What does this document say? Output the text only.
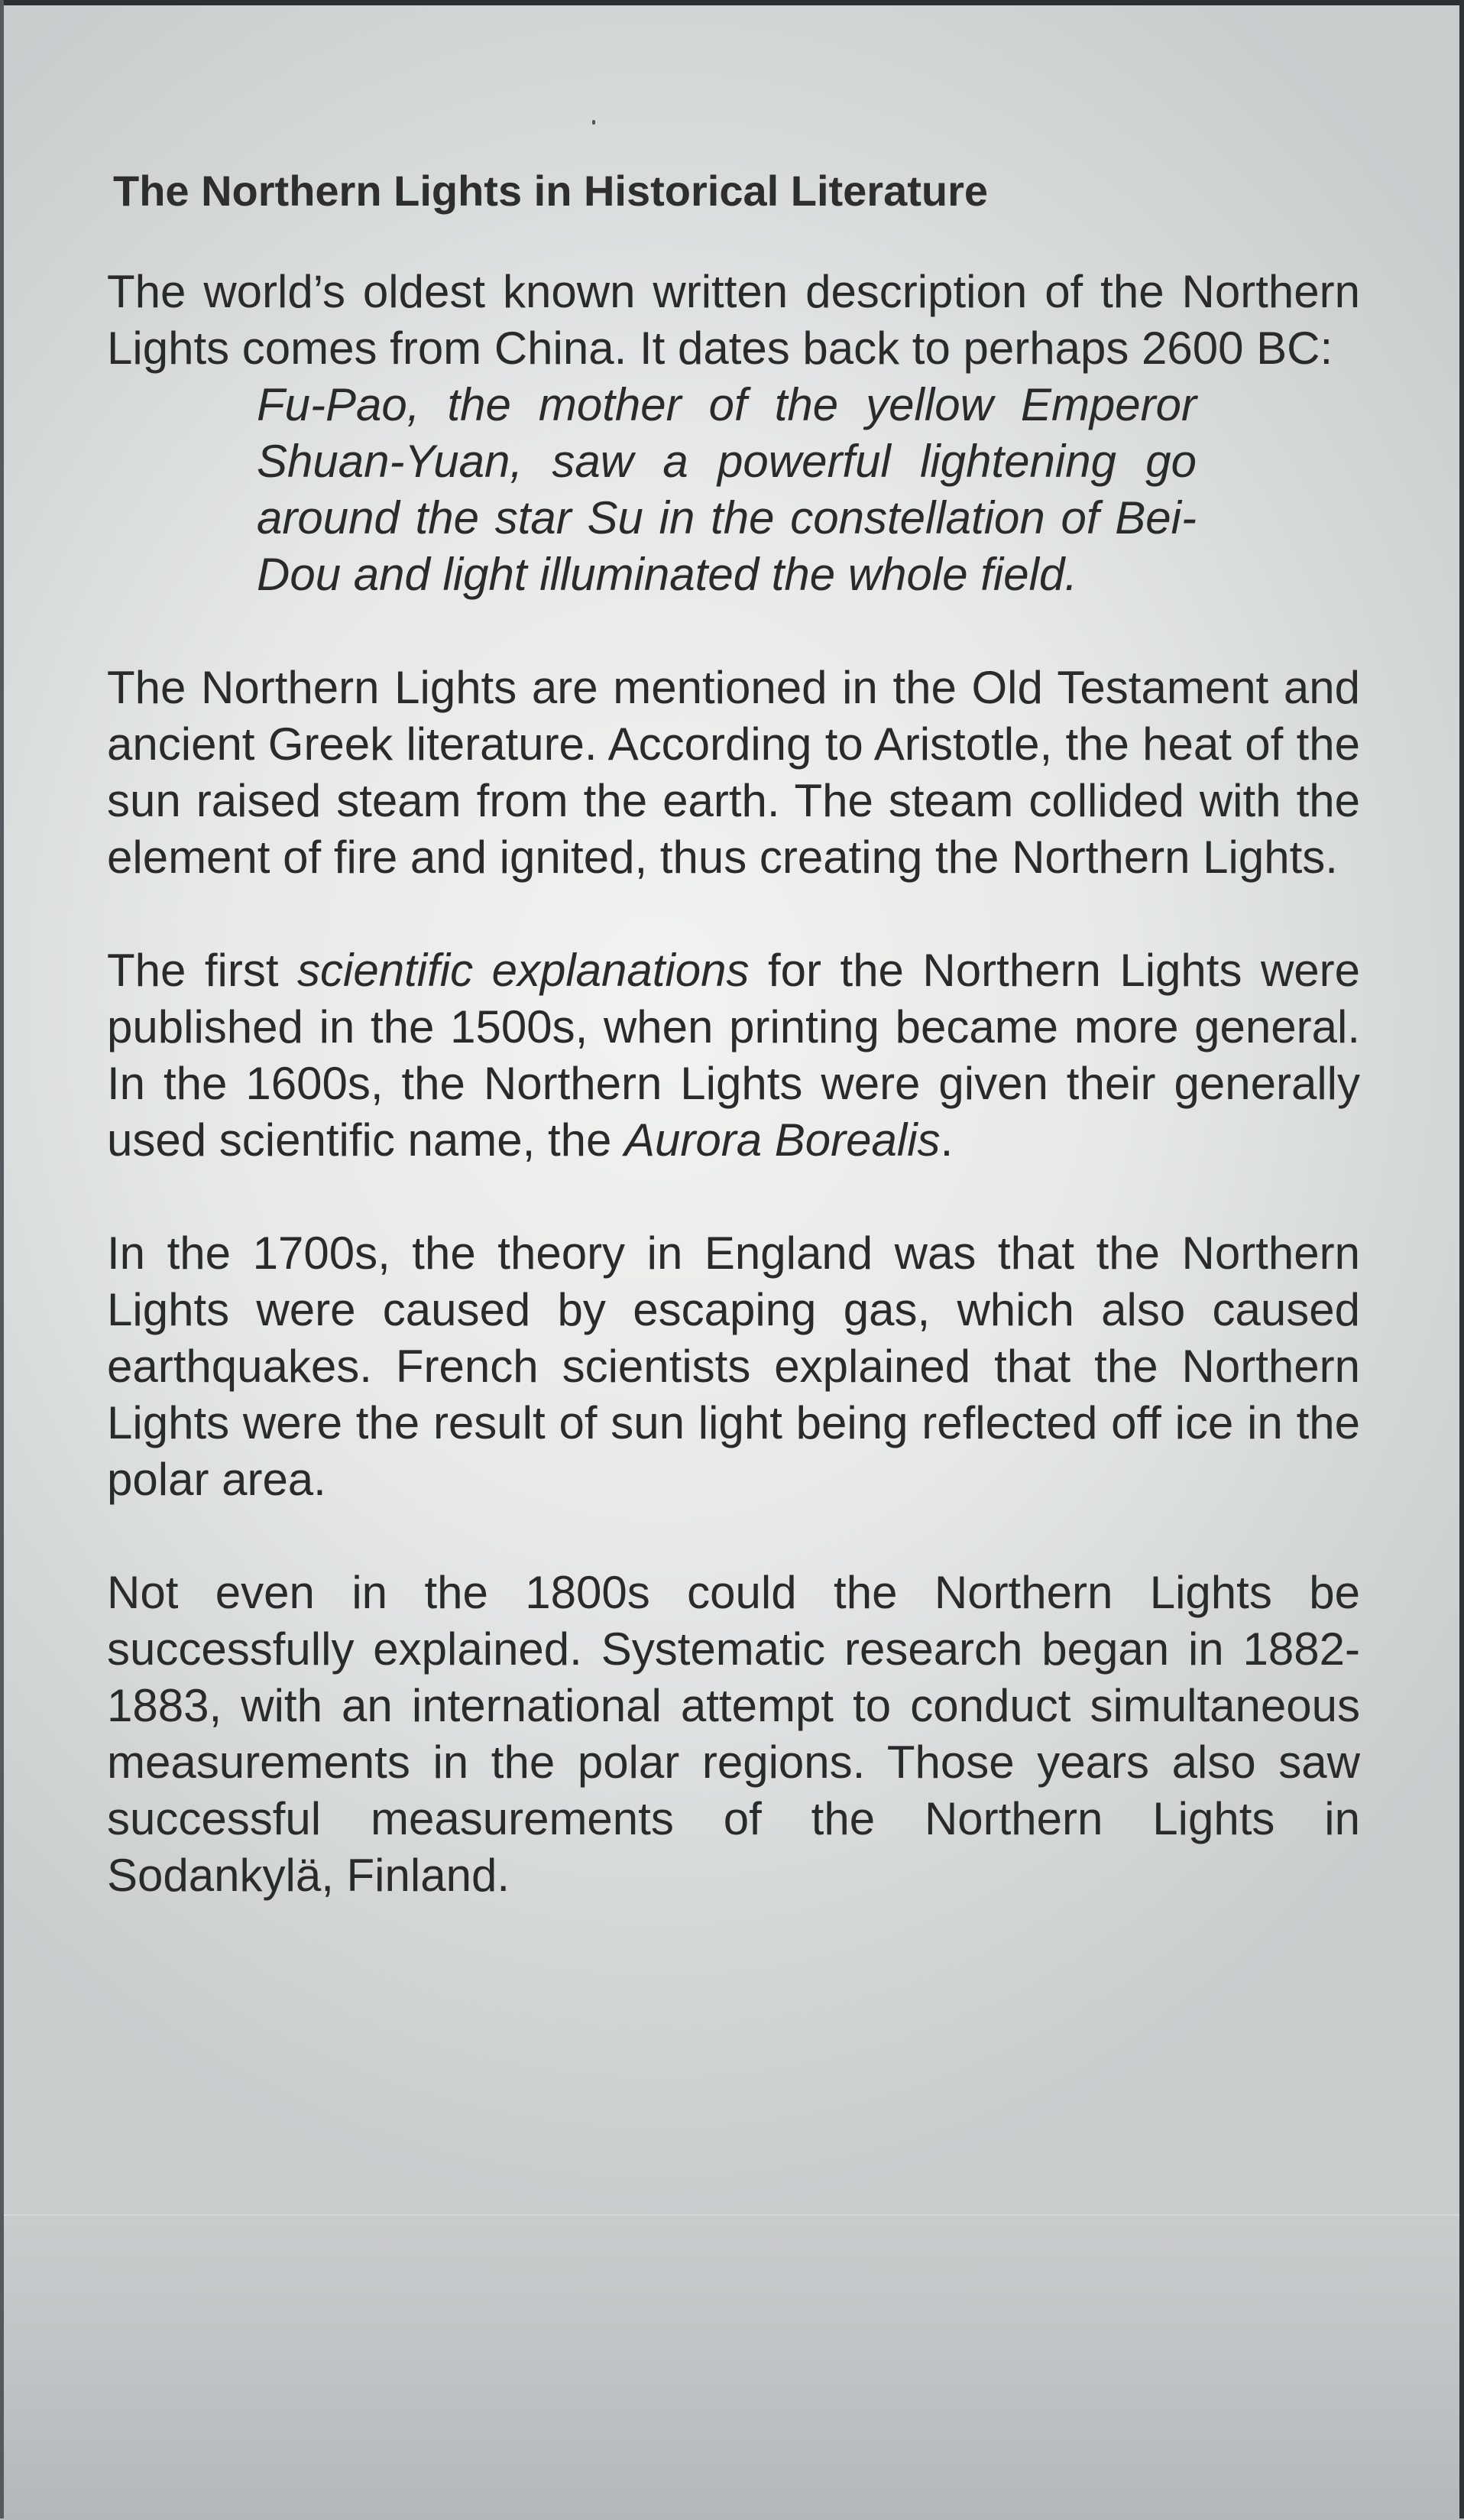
The Northern Lights in Historical Literature

The world’s oldest known written description of the Northern Lights comes from China. It dates back to perhaps 2600 BC:

Fu-Pao, the mother of the yellow Emperor Shuan-Yuan, saw a powerful lightening go around the star Su in the constellation of Bei-Dou and light illuminated the whole field.

The Northern Lights are mentioned in the Old Testament and ancient Greek literature. According to Aristotle, the heat of the sun raised steam from the earth. The steam collided with the element of fire and ignited, thus creating the Northern Lights.

The first scientific explanations for the Northern Lights were published in the 1500s, when printing became more general. In the 1600s, the Northern Lights were given their generally used scientific name, the Aurora Borealis.

In the 1700s, the theory in England was that the Northern Lights were caused by escaping gas, which also caused earthquakes. French scientists explained that the Northern Lights were the result of sun light being reflected off ice in the polar area.

Not even in the 1800s could the Northern Lights be successfully explained. Systematic research began in 1882-1883, with an international attempt to conduct simultaneous measurements in the polar regions. Those years also saw successful measurements of the Northern Lights in Sodankylä, Finland.
